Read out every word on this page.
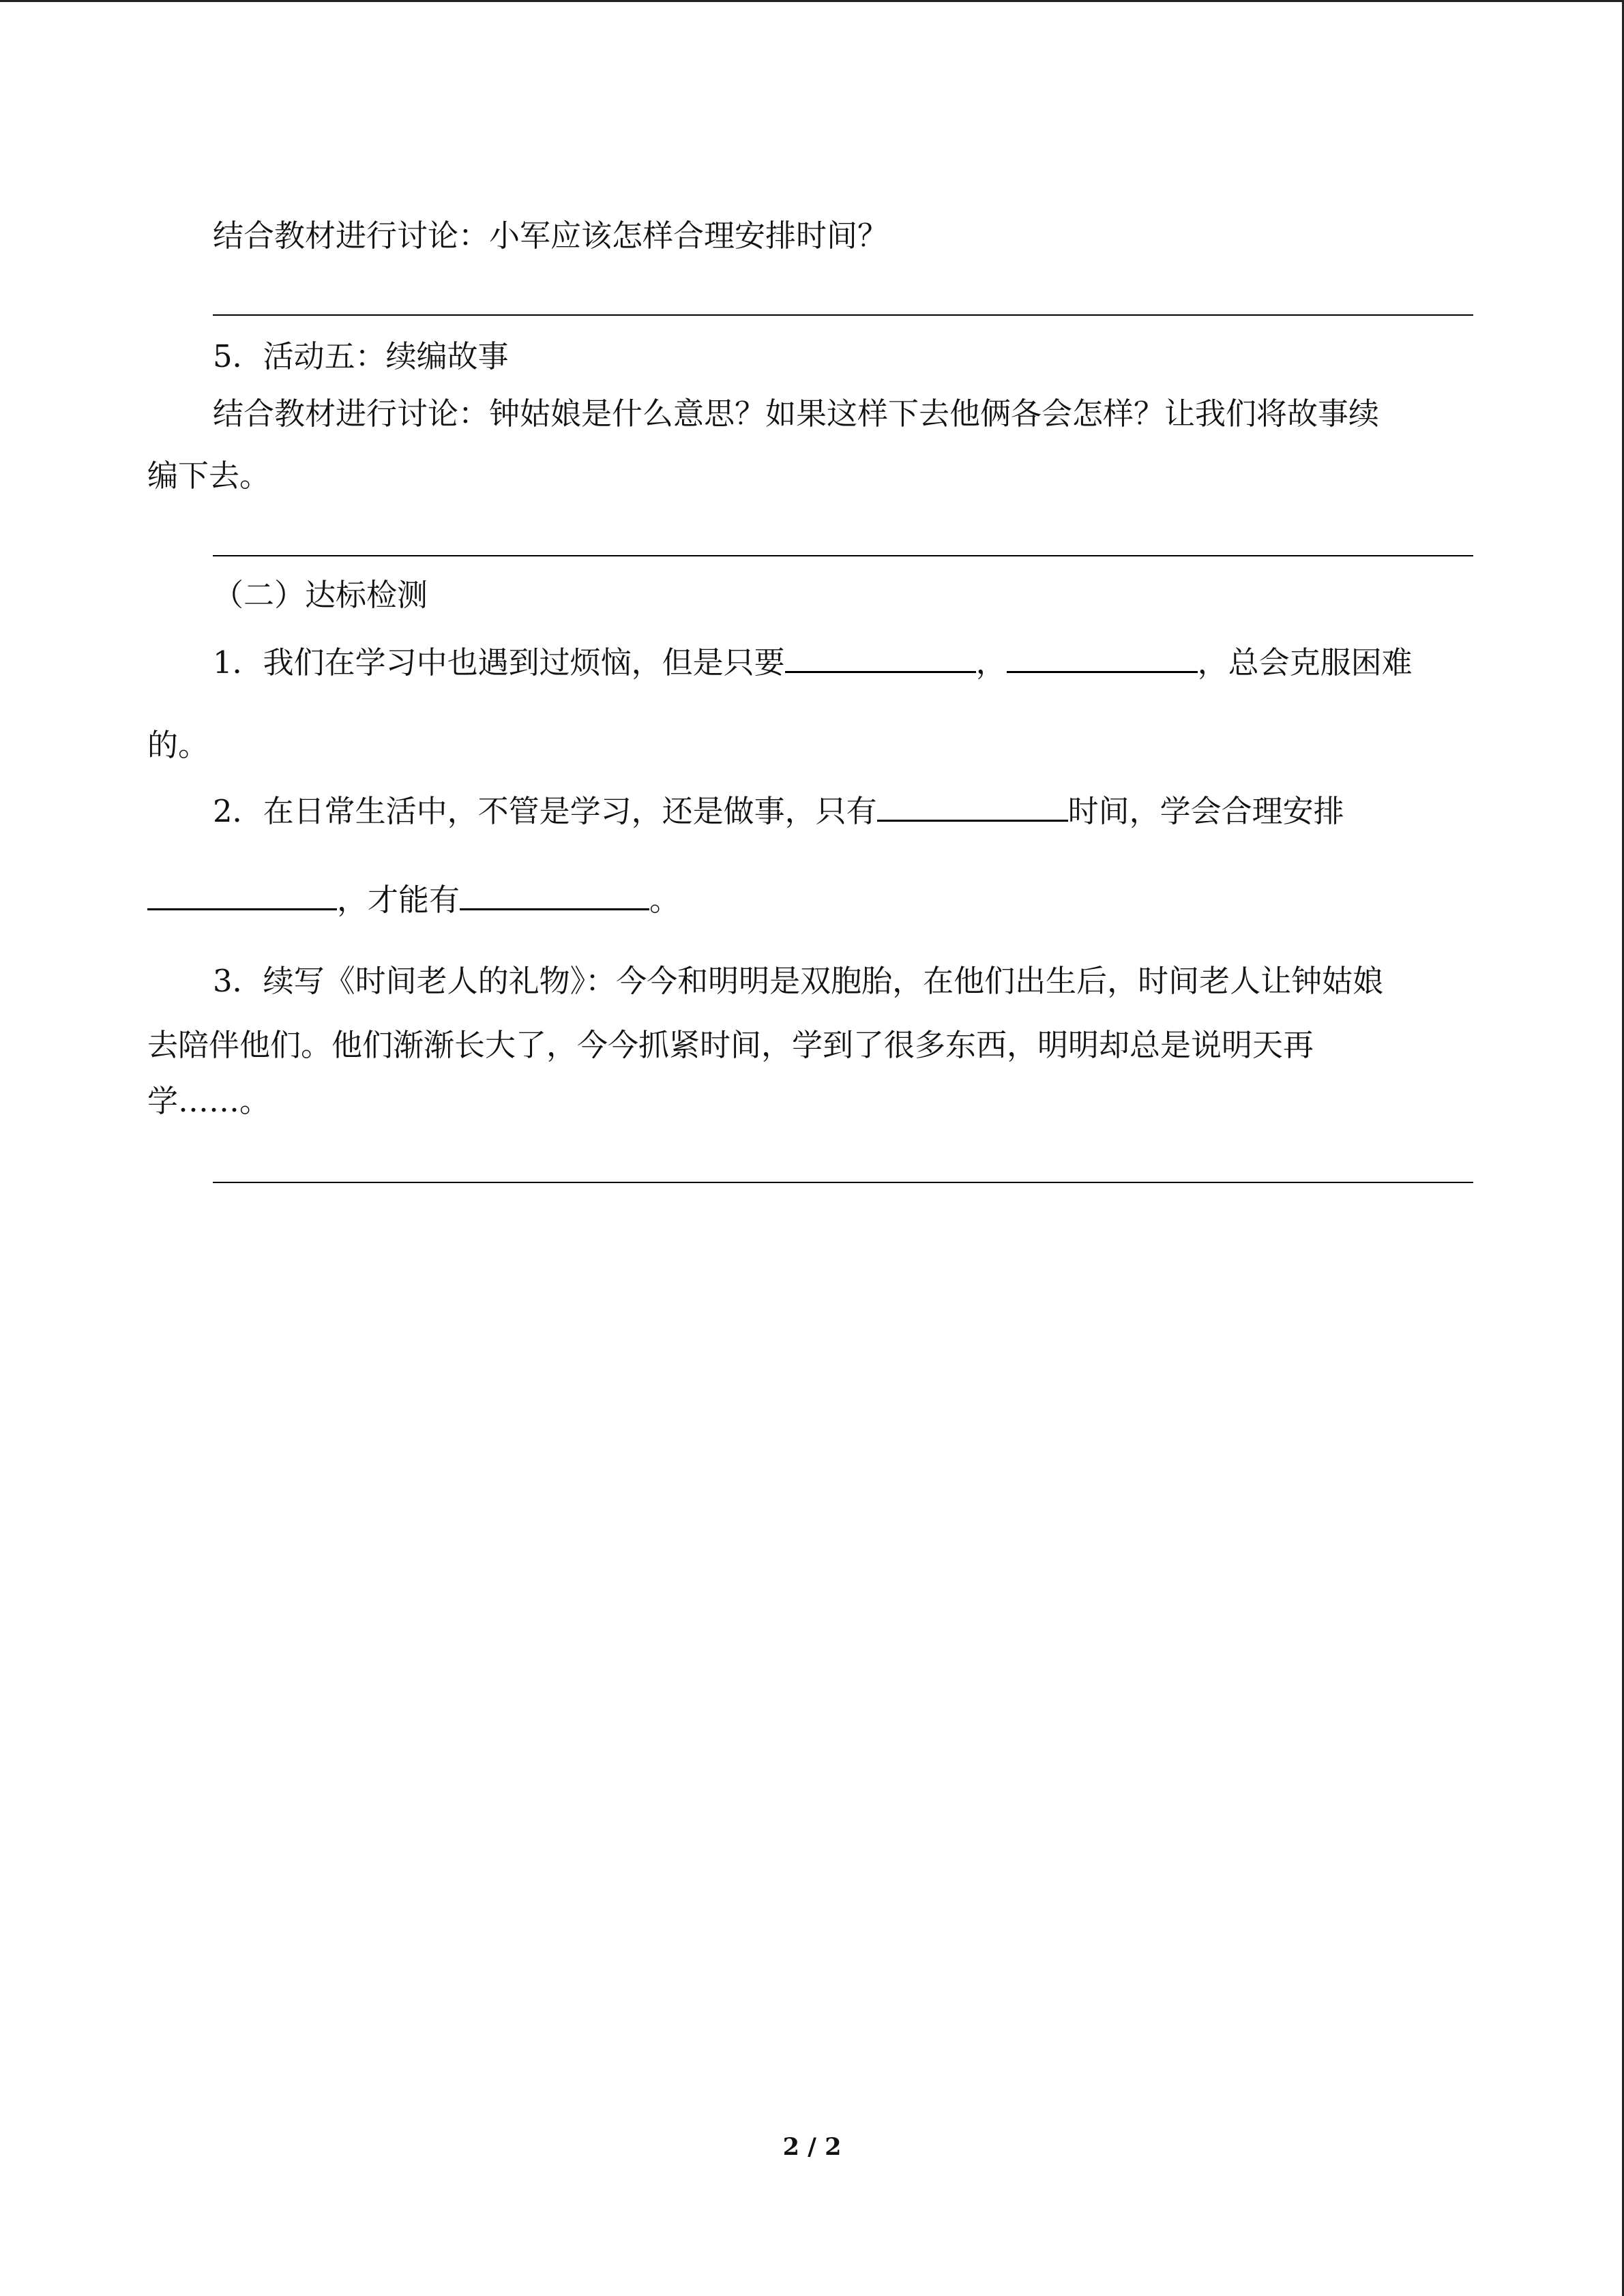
结合教材进行讨论：小军应该怎样合理安排时间？
5．活动五：续编故事
结合教材进行讨论：钟姑娘是什么意思？如果这样下去他俩各会怎样？让我们将故事续
编下去。
（二）达标检测
1．我们在学习中也遇到过烦恼，但是只要	，	，总会克服困难
的。
2．在日常生活中，不管是学习，还是做事，只有	时间，学会合理安排
，才能有	。
3．续写《时间老人的礼物》：今今和明明是双胞胎，在他们出生后，时间老人让钟姑娘
去陪伴他们。他们渐渐长大了，今今抓紧时间，学到了很多东西，明明却总是说明天再
学……。
2 / 2
